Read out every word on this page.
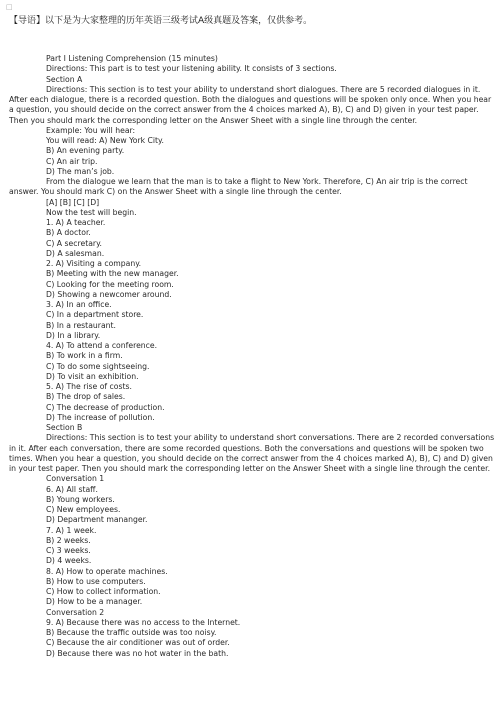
□
【导语】以下是为大家整理的历年英语三级考试A级真题及答案，仅供参考。

Part I Listening Comprehension (15 minutes)

Directions: This part is to test your listening ability. It consists of 3 sections.

Section A

Directions: This section is to test your ability to understand short dialogues. There are 5 recorded dialogues in it. After each dialogue, there is a recorded question. Both the dialogues and questions will be spoken only once. When you hear a question, you should decide on the correct answer from the 4 choices marked A), B), C) and D) given in your test paper. Then you should mark the corresponding letter on the Answer Sheet with a single line through the center.

Example: You will hear:

You will read: A) New York City.

B) An evening party.

C) An air trip.

D) The man’s job.

From the dialogue we learn that the man is to take a flight to New York. Therefore, C) An air trip is the correct answer. You should mark C) on the Answer Sheet with a single line through the center.

[A] [B] [C] [D]

Now the test will begin.

1. A) A teacher.

B) A doctor.

C) A secretary.

D) A salesman.

2. A) Visiting a company.

B) Meeting with the new manager.

C) Looking for the meeting room.

D) Showing a newcomer around.

3. A) In an office.

C) In a department store.

B) In a restaurant.

D) In a library.

4. A) To attend a conference.

B) To work in a firm.

C) To do some sightseeing.

D) To visit an exhibition.

5. A) The rise of costs.

B) The drop of sales.

C) The decrease of production.

D) The increase of pollution.

Section B

Directions: This section is to test your ability to understand short conversations. There are 2 recorded conversations in it. After each conversation, there are some recorded questions. Both the conversations and questions will be spoken two times. When you hear a question, you should decide on the correct answer from the 4 choices marked A), B), C) and D) given in your test paper. Then you should mark the corresponding letter on the Answer Sheet with a single line through the center.

Conversation 1

6. A) All staff.

B) Young workers.

C) New employees.

D) Department mananger.

7. A) 1 week.

B) 2 weeks.

C) 3 weeks.

D) 4 weeks.

8. A) How to operate machines.

B) How to use computers.

C) How to collect information.

D) How to be a manager.

Conversation 2

9. A) Because there was no access to the Internet.

B) Because the traffic outside was too noisy.

C) Because the air conditioner was out of order.

D) Because there was no hot water in the bath.
